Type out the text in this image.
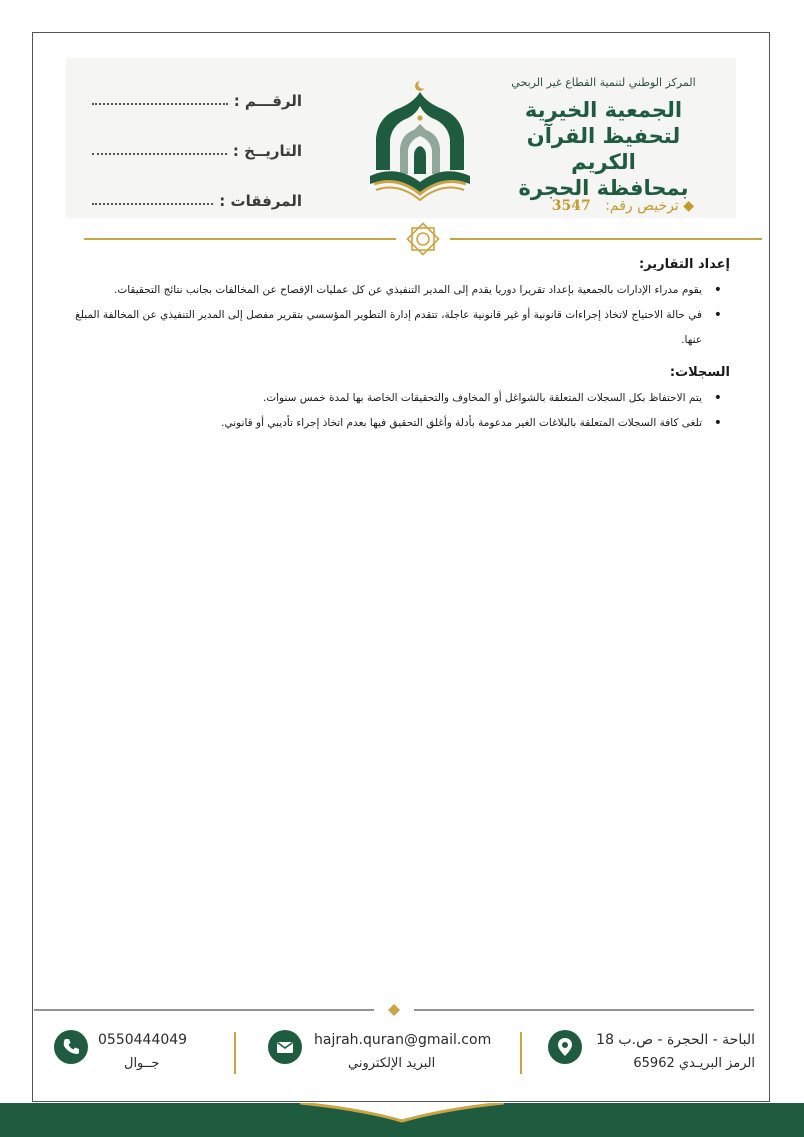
المركز الوطني لتنمية القطاع غير الربحي
الجمعية الخيرية
لتحفيظ القرآن الكريم
بمحافظة الحجرة
◆ ترخيص رقم: 3547
الرقـــم :
التاريــخ :
المرفقات :
إعداد التقارير:
• يقوم مدراء الإدارات بالجمعية بإعداد تقريرا دوريا يقدم إلى المدير التنفيذي عن كل عمليات الإفصاح عن المخالفات بجانب نتائج التحقيقات.
• في حالة الاحتياج لاتخاذ إجراءات قانونية أو غير قانونية عاجلة، تتقدم إدارة التطوير المؤسسي بتقرير مفصل إلى المدير التنفيذي عن المخالفة المبلغ عنها.
السجلات:
• يتم الاحتفاظ بكل السجلات المتعلقة بالشواغل أو المخاوف والتحقيقات الخاصة بها لمدة خمس سنوات.
• تلغى كافة السجلات المتعلقة بالبلاغات الغير مدعومة بأدلة وأغلق التحقيق فيها بعدم اتخاذ إجراء تأديبي أو قانوني.
الباحة - الحجرة - ص.ب 18
الرمز البريـدي 65962
hajrah.quran@gmail.com
البريد الإلكتروني
0550444049
جــوال
